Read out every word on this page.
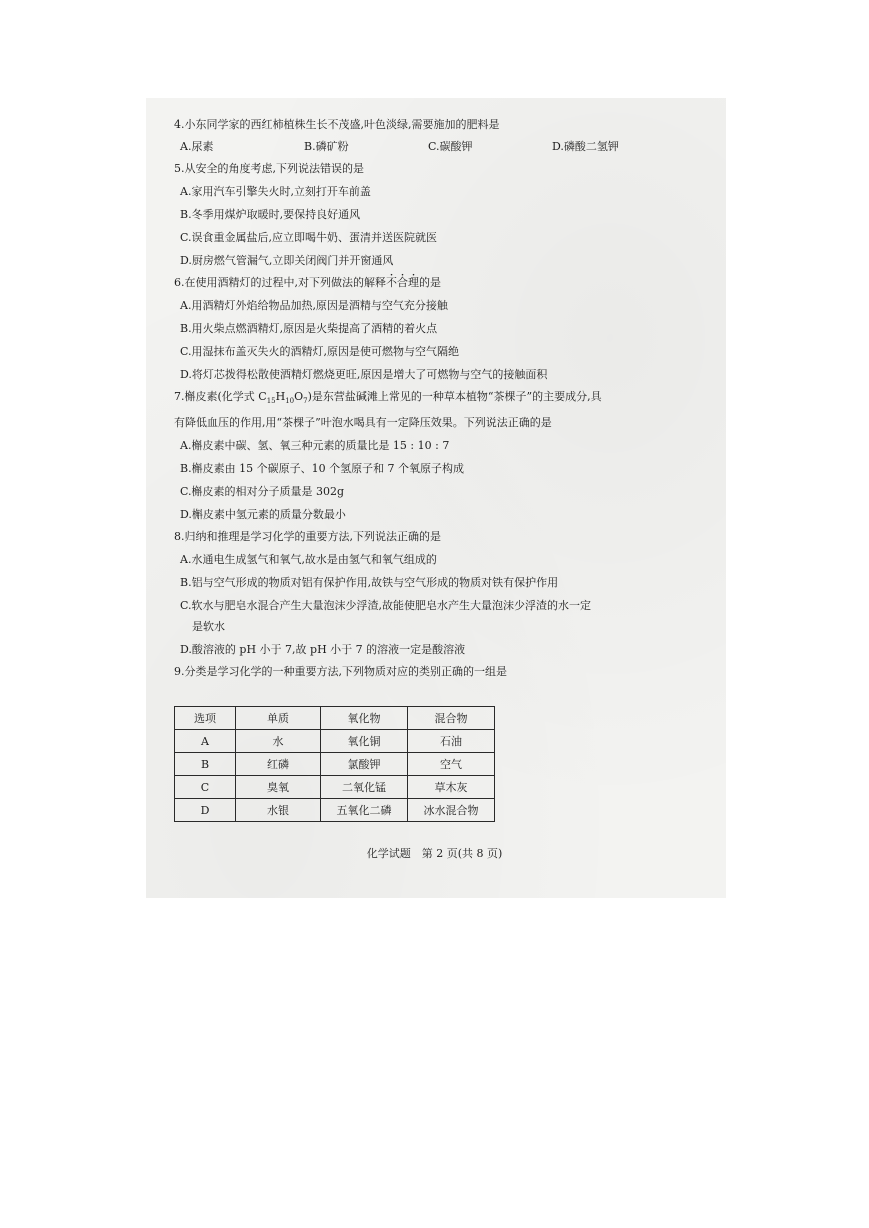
4.小东同学家的西红柿植株生长不茂盛,叶色淡绿,需要施加的肥料是
A.尿素	B.磷矿粉	C.碳酸钾	D.磷酸二氢钾
5.从安全的角度考虑,下列说法错误的是
A.家用汽车引擎失火时,立刻打开车前盖
B.冬季用煤炉取暖时,要保持良好通风
C.误食重金属盐后,应立即喝牛奶、蛋清并送医院就医
D.厨房燃气管漏气,立即关闭阀门并开窗通风
6.在使用酒精灯的过程中,对下列做法的解释不合理的是
A.用酒精灯外焰给物品加热,原因是酒精与空气充分接触
B.用火柴点燃酒精灯,原因是火柴提高了酒精的着火点
C.用湿抹布盖灭失火的酒精灯,原因是使可燃物与空气隔绝
D.将灯芯拨得松散使酒精灯燃烧更旺,原因是增大了可燃物与空气的接触面积
7.槲皮素(化学式 $C_{15}H_{10}O_7$)是东营盐碱滩上常见的一种草本植物“茶棵子”的主要成分,具
有降低血压的作用,用“茶棵子”叶泡水喝具有一定降压效果。下列说法正确的是
A.槲皮素中碳、氢、氧三种元素的质量比是 15 : 10 : 7
B.槲皮素由 15 个碳原子、10 个氢原子和 7 个氧原子构成
C.槲皮素的相对分子质量是 302g
D.槲皮素中氢元素的质量分数最小
8.归纳和推理是学习化学的重要方法,下列说法正确的是
A.水通电生成氢气和氧气,故水是由氢气和氧气组成的
B.铝与空气形成的物质对铝有保护作用,故铁与空气形成的物质对铁有保护作用
C.软水与肥皂水混合产生大量泡沫少浮渣,故能使肥皂水产生大量泡沫少浮渣的水一定
是软水
D.酸溶液的 pH 小于 7,故 pH 小于 7 的溶液一定是酸溶液
9.分类是学习化学的一种重要方法,下列物质对应的类别正确的一组是
选项	单质	氧化物	混合物
A	水	氧化铜	石油
B	红磷	氯酸钾	空气
C	臭氧	二氧化锰	草木灰
D	水银	五氧化二磷	冰水混合物
化学试题　第 2 页(共 8 页)
